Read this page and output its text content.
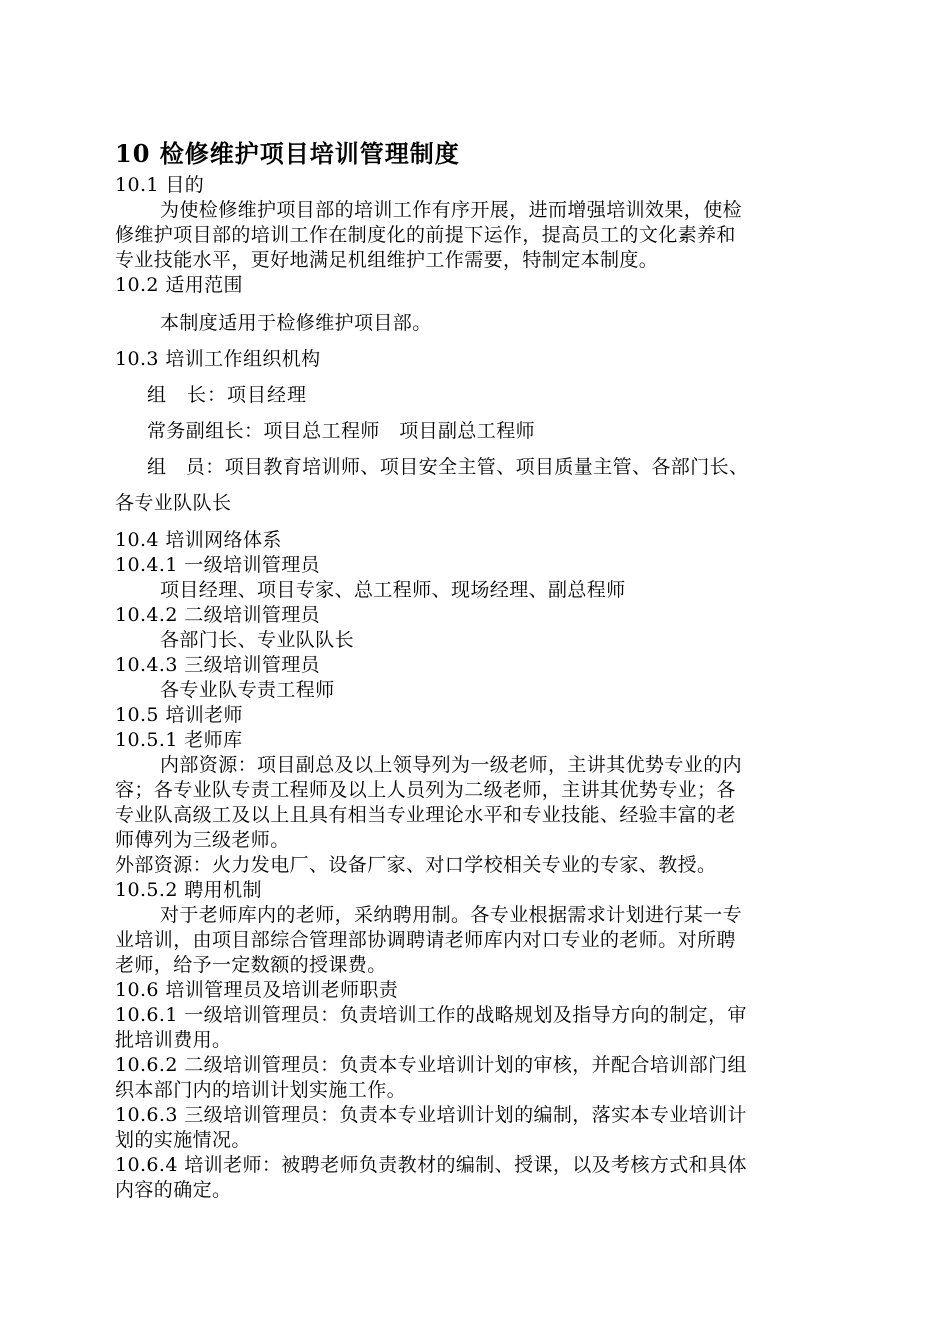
10 检修维护项目培训管理制度
10.1 目的
为使检修维护项目部的培训工作有序开展，进而增强培训效果，使检
修维护项目部的培训工作在制度化的前提下运作，提高员工的文化素养和
专业技能水平，更好地满足机组维护工作需要，特制定本制度。
10.2 适用范围
本制度适用于检修维护项目部。
10.3 培训工作组织机构
组　长：项目经理
常务副组长：项目总工程师　项目副总工程师
组　员：项目教育培训师、项目安全主管、项目质量主管、各部门长、
各专业队队长
10.4 培训网络体系
10.4.1 一级培训管理员
项目经理、项目专家、总工程师、现场经理、副总程师
10.4.2 二级培训管理员
各部门长、专业队队长
10.4.3 三级培训管理员
各专业队专责工程师
10.5 培训老师
10.5.1 老师库
内部资源：项目副总及以上领导列为一级老师，主讲其优势专业的内
容；各专业队专责工程师及以上人员列为二级老师，主讲其优势专业；各
专业队高级工及以上且具有相当专业理论水平和专业技能、经验丰富的老
师傅列为三级老师。
外部资源：火力发电厂、设备厂家、对口学校相关专业的专家、教授。
10.5.2 聘用机制
对于老师库内的老师，采纳聘用制。各专业根据需求计划进行某一专
业培训，由项目部综合管理部协调聘请老师库内对口专业的老师。对所聘
老师，给予一定数额的授课费。
10.6 培训管理员及培训老师职责
10.6.1 一级培训管理员：负责培训工作的战略规划及指导方向的制定，审
批培训费用。
10.6.2 二级培训管理员：负责本专业培训计划的审核，并配合培训部门组
织本部门内的培训计划实施工作。
10.6.3 三级培训管理员：负责本专业培训计划的编制，落实本专业培训计
划的实施情况。
10.6.4 培训老师：被聘老师负责教材的编制、授课，以及考核方式和具体
内容的确定。
